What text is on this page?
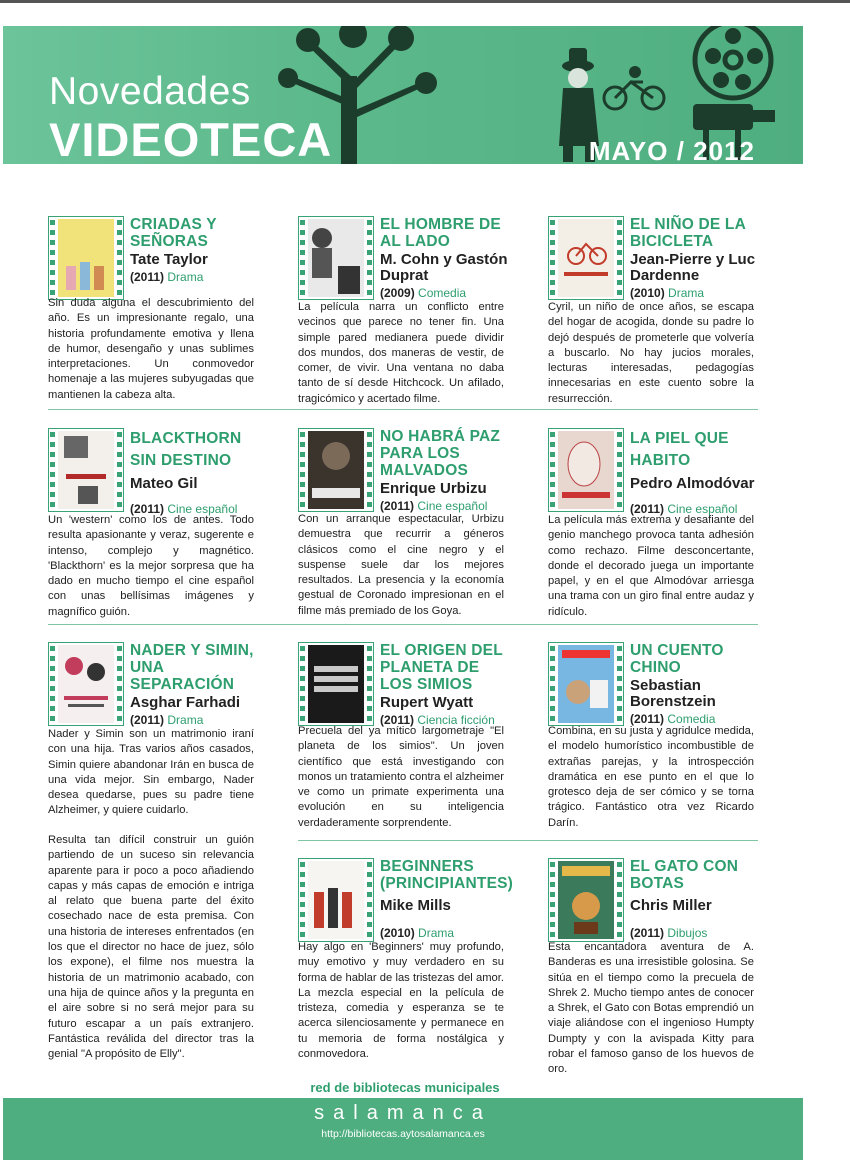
Novedades
VIDEOTECA	MAYO / 2012
CRIADAS Y SEÑORAS
Tate Taylor
(2011) Drama

Sin duda alguna el descubrimiento del año. Es un impresionante regalo, una historia profundamente emotiva y llena de humor, desengaño y unas sublimes interpretaciones. Un conmovedor homenaje a las mujeres subyugadas que mantienen la cabeza alta.

EL HOMBRE DE AL LADO
M. Cohn y Gastón Duprat
(2009) Comedia

La película narra un conflicto entre vecinos que parece no tener fin. Una simple pared medianera puede dividir dos mundos, dos maneras de vestir, de comer, de vivir. Una ventana no daba tanto de sí desde Hitchcock. Un afilado, tragicómico y acertado filme.

EL NIÑO DE LA BICICLETA
Jean-Pierre y Luc Dardenne
(2010) Drama

Cyril, un niño de once años, se escapa del hogar de acogida, donde su padre lo dejó después de prometerle que volvería a buscarlo. No hay jucios morales, lecturas interesadas, pedagogías innecesarias en este cuento sobre la resurrección.

BLACKTHORN SIN DESTINO
Mateo Gil
(2011) Cine español

Un 'western' como los de antes. Todo resulta apasionante y veraz, sugerente e intenso, complejo y magnético. 'Blackthorn' es la mejor sorpresa que ha dado en mucho tiempo el cine español con unas bellísimas imágenes y magnífico guión.

NO HABRÁ PAZ PARA LOS MALVADOS
Enrique Urbizu
(2011) Cine español

Con un arranque espectacular, Urbizu demuestra que recurrir a géneros clásicos como el cine negro y el suspense suele dar los mejores resultados. La presencia y la economía gestual de Coronado impresionan en el filme más premiado de los Goya.

LA PIEL QUE HABITO
Pedro Almodóvar
(2011) Cine español

La película más extrema y desafiante del genio manchego provoca tanta adhesión como rechazo. Filme desconcertante, donde el decorado juega un importante papel, y en el que Almodóvar arriesga una trama con un giro final entre audaz y ridículo.

NADER Y SIMIN, UNA SEPARACIÓN
Asghar Farhadi
(2011) Drama

Nader y Simin son un matrimonio iraní con una hija. Tras varios años casados, Simin quiere abandonar Irán en busca de una vida mejor. Sin embargo, Nader desea quedarse, pues su padre tiene Alzheimer, y quiere cuidarlo.

Resulta tan difícil construir un guión partiendo de un suceso sin relevancia aparente para ir poco a poco añadiendo capas y más capas de emoción e intriga al relato que buena parte del éxito cosechado nace de esta premisa. Con una historia de intereses enfrentados (en los que el director no hace de juez, sólo los expone), el filme nos muestra la historia de un matrimonio acabado, con una hija de quince años y la pregunta en el aire sobre si no será mejor para su futuro escapar a un país extranjero. Fantástica reválida del director tras la genial "A propósito de Elly".

EL ORIGEN DEL PLANETA DE LOS SIMIOS
Rupert Wyatt
(2011) Ciencia ficción

Precuela del ya mítico largometraje "El planeta de los simios". Un joven científico que está investigando con monos un tratamiento contra el alzheimer ve como un primate experimenta una evolución en su inteligencia verdaderamente sorprendente.

UN CUENTO CHINO
Sebastian Borenstzein
(2011) Comedia

Combina, en su justa y agridulce medida, el modelo humorístico incombustible de extrañas parejas, y la introspección dramática en ese punto en el que lo grotesco deja de ser cómico y se torna trágico. Fantástico otra vez Ricardo Darín.

BEGINNERS (PRINCIPIANTES)
Mike Mills
(2010) Drama

Hay algo en 'Beginners' muy profundo, muy emotivo y muy verdadero en su forma de hablar de las tristezas del amor. La mezcla especial en la película de tristeza, comedia y esperanza se te acerca silenciosamente y permanece en tu memoria de forma nostálgica y conmovedora.

EL GATO CON BOTAS
Chris Miller
(2011) Dibujos

Esta encantadora aventura de A. Banderas es una irresistible golosina. Se sitúa en el tiempo como la precuela de Shrek 2. Mucho tiempo antes de conocer a Shrek, el Gato con Botas emprendió un viaje aliándose con el ingenioso Humpty Dumpty y con la avispada Kitty para robar el famoso ganso de los huevos de oro.

red de bibliotecas municipales
salamanca
http://bibliotecas.aytosalamanca.es
